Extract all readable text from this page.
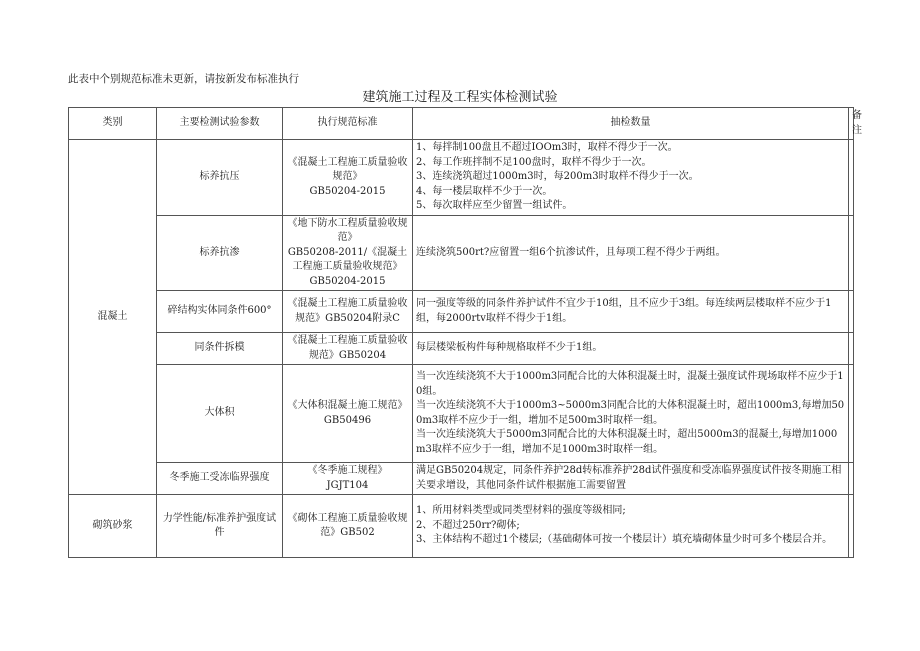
此表中个别规范标准未更新，请按新发布标准执行
建筑施工过程及工程实体检测试验
类别	主要检测试验参数	执行规范标准	抽检数量	备注
混凝土	标养抗压	《混凝土工程施工质量验收规范》
GB50204-2015	1、每拌制100盘且不超过IOOm3时，取样不得少于一次。
2、每工作班拌制不足100盘时，取样不得少于一次。
3、连续浇筑超过1000m3时，每200m3时取样不得少于一次。
4、每一楼层取样不少于一次。
5、每次取样应至少留置一组试件。	

	标养抗渗	《地下防水工程质量验收规范》
GB50208-2011/《混凝土工程施工质量验收规范》
GB50204-2015	连续浇筑500rt?应留置一组6个抗渗试件，且每项工程不得少于两组。	

	碎结构实体同条件600°	《混凝土工程施工质量验收规范》GB50204附录C	同一强度等级的同条件养护试件不宜少于10组，且不应少于3组。每连续两层楼取样不应少于1组，每2000rtv取样不得少于1组。	

	同条件拆模	《混凝土工程施工质量验收规范》GB50204	每层楼梁板构件每种规格取样不少于1组。	

	大体积	《大体积混凝土施工规范》GB50496	当一次连续浇筑不大于1000m3同配合比的大体积混凝土时，混凝土强度试件现场取样不应少于10组。
当一次连续浇筑不大于1000m3~5000m3同配合比的大体积混凝土时，超出1000m3,每增加500m3取样不应少于一组，增加不足500m3时取样一组。
当一次连续浇筑大于5000m3同配合比的大体积混凝土时，超出5000m3的混凝土,每增加1000m3取样不应少于一组，增加不足1000m3时取样一组。	

	冬季施工受冻临界强度	《冬季施工规程》
JGJT104	满足GB50204规定，同条件养护28d转标准养护28d试件强度和受冻临界强度试件按冬期施工相关要求增设，其他同条件试件根据施工需要留置	

砌筑砂浆	力学性能/标准养护强度试件	《砌体工程施工质量验收规范》GB502	1、所用材料类型或同类型材料的强度等级相同;
2、不超过250rr?砌体;
3、主体结构不超过1个楼层;（基础砌体可按一个楼层计）填充墙砌体量少时可多个楼层合并。	
